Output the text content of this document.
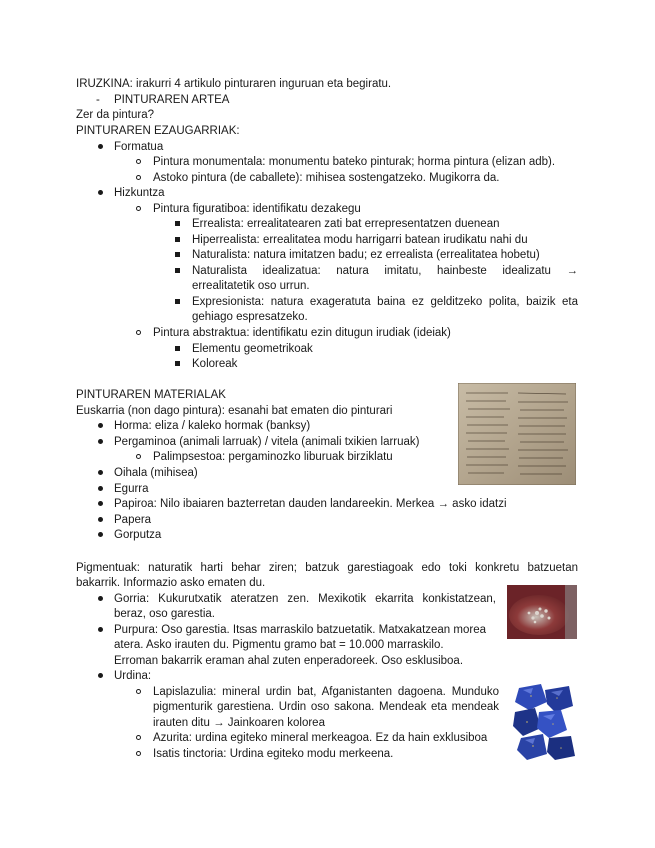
IRUZKINA: irakurri 4 artikulo pinturaren inguruan eta begiratu.
- PINTURAREN ARTEA
Zer da pintura?
PINTURAREN EZAUGARRIAK:
Formatua
Pintura monumentala: monumentu bateko pinturak; horma pintura (elizan adb).
Astoko pintura (de caballete): mihisea sostengatzeko. Mugikorra da.
Hizkuntza
Pintura figuratiboa: identifikatu dezakegu
Errealista: errealitatearen zati bat errepresentatzen duenean
Hiperrealista: errealitatea modu harrigarri batean irudikatu nahi du
Naturalista: natura imitatzen badu; ez errealista (errealitatea hobetu)
Naturalista idealizatua: natura imitatu, hainbeste idealizatu →
errealitatetik oso urrun.
Expresionista: natura exageratuta baina ez gelditzeko polita, baizik eta
gehiago espresatzeko.
Pintura abstraktua: identifikatu ezin ditugun irudiak (ideiak)
Elementu geometrikoak
Koloreak
PINTURAREN MATERIALAK
Euskarria (non dago pintura): esanahi bat ematen dio pinturari
Horma: eliza / kaleko hormak (banksy)
Pergaminoa (animali larruak) / vitela (animali txikien larruak)
Palimpsestoa: pergaminozko liburuak birziklatu
Oihala (mihisea)
Egurra
Papiroa: Nilo ibaiaren bazterretan dauden landareekin. Merkea → asko idatzi
Papera
Gorputza
Pigmentuak: naturatik harti behar ziren; batzuk garestiagoak edo toki konkretu batzuetan
bakarrik. Informazio asko ematen du.
Gorria: Kukurutxatik ateratzen zen. Mexikotik ekarrita konkistatzean,
beraz, oso garestia.
Purpura: Oso garestia. Itsas marraskilo batzuetatik. Matxakatzean morea
atera. Asko irauten du. Pigmentu gramo bat = 10.000 marraskilo.
Erroman bakarrik eraman ahal zuten enperadoreek. Oso esklusiboa.
Urdina:
Lapislazulia: mineral urdin bat, Afganistanten dagoena. Munduko
pigmenturik garestiena. Urdin oso sakona. Mendeak eta mendeak
irauten ditu → Jainkoaren kolorea
Azurita: urdina egiteko mineral merkeagoa. Ez da hain exklusiboa
Isatis tinctoria: Urdina egiteko modu merkeena.
